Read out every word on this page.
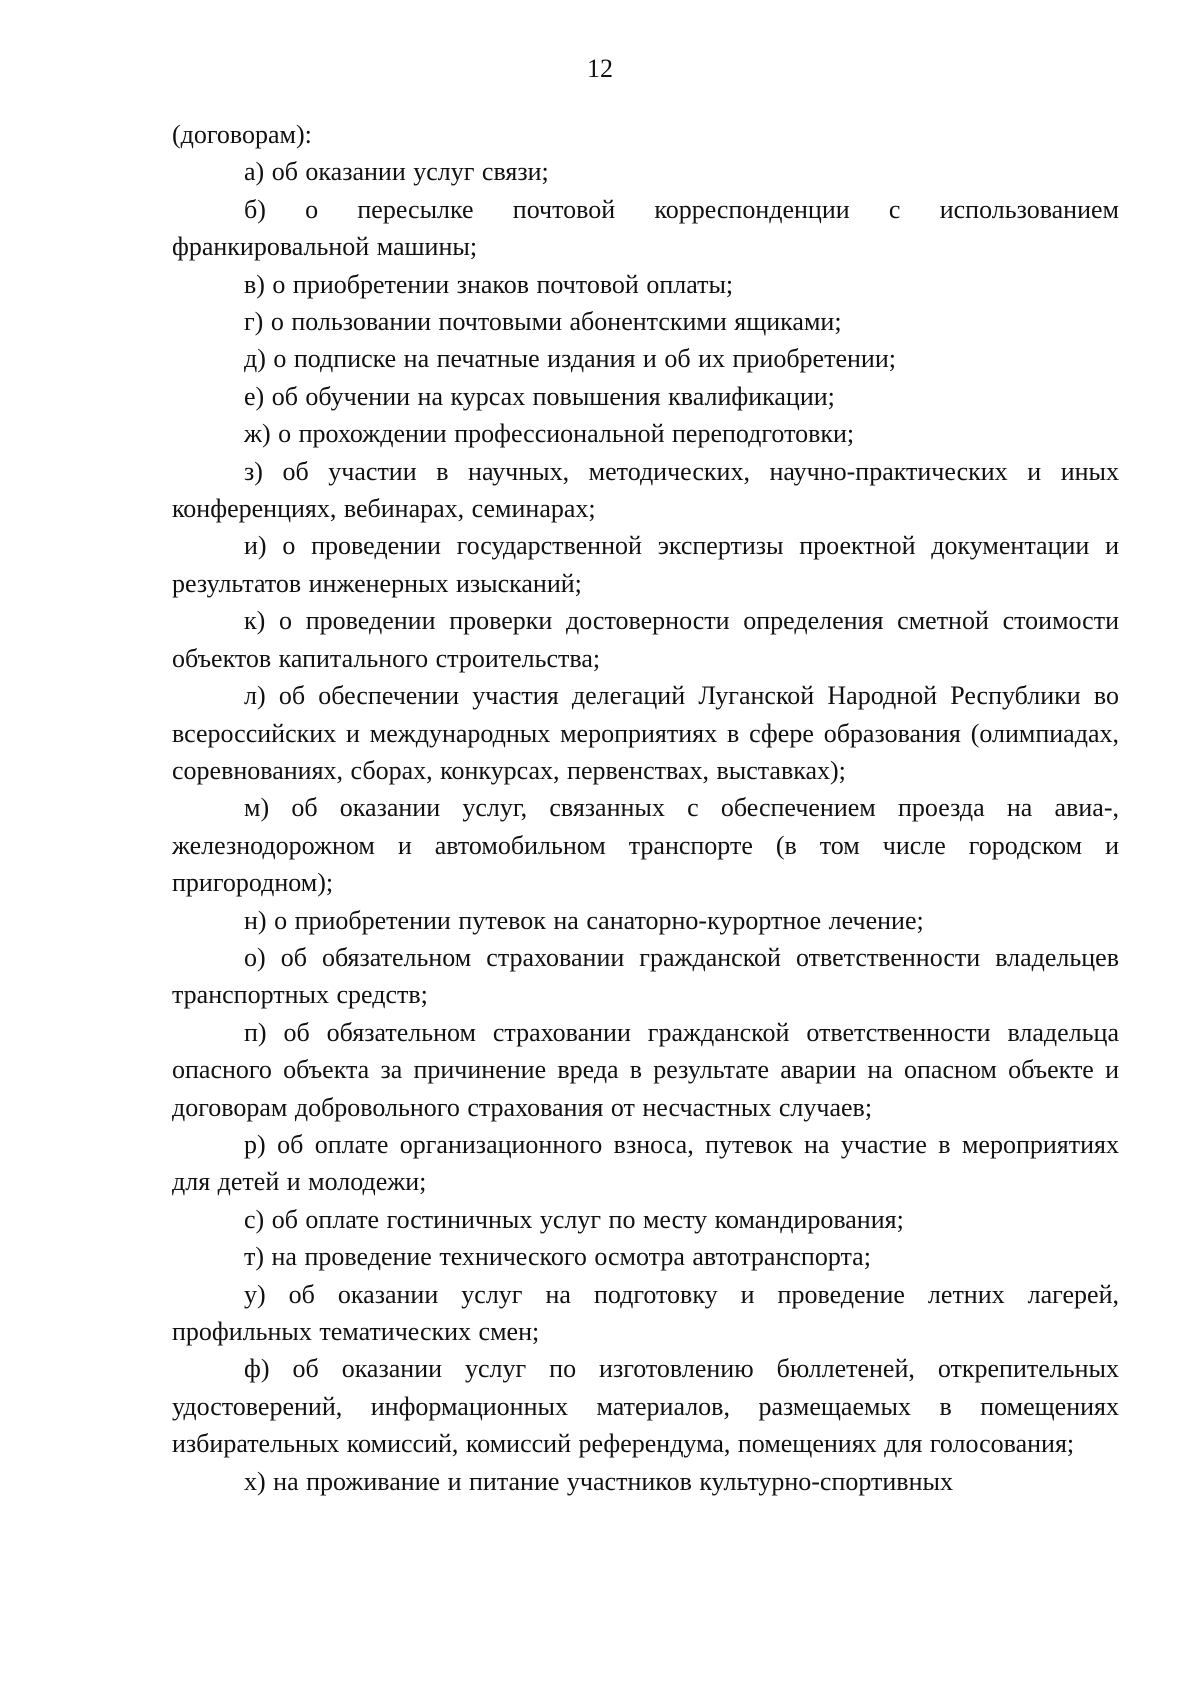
12

(договорам):

а) об оказании услуг связи;

б) о пересылке почтовой корреспонденции с использованием франкировальной машины;

в) о приобретении знаков почтовой оплаты;

г) о пользовании почтовыми абонентскими ящиками;

д) о подписке на печатные издания и об их приобретении;

е) об обучении на курсах повышения квалификации;

ж) о прохождении профессиональной переподготовки;

з) об участии в научных, методических, научно-практических и иных конференциях, вебинарах, семинарах;

и) о проведении государственной экспертизы проектной документации и результатов инженерных изысканий;

к) о проведении проверки достоверности определения сметной стоимости объектов капитального строительства;

л) об обеспечении участия делегаций Луганской Народной Республики во всероссийских и международных мероприятиях в сфере образования (олимпиадах, соревнованиях, сборах, конкурсах, первенствах, выставках);

м) об оказании услуг, связанных с обеспечением проезда на авиа-, железнодорожном и автомобильном транспорте (в том числе городском и пригородном);

н) о приобретении путевок на санаторно-курортное лечение;

о) об обязательном страховании гражданской ответственности владельцев транспортных средств;

п) об обязательном страховании гражданской ответственности владельца опасного объекта за причинение вреда в результате аварии на опасном объекте и договорам добровольного страхования от несчастных случаев;

р) об оплате организационного взноса, путевок на участие в мероприятиях для детей и молодежи;

с) об оплате гостиничных услуг по месту командирования;

т) на проведение технического осмотра автотранспорта;

у) об оказании услуг на подготовку и проведение летних лагерей, профильных тематических смен;

ф) об оказании услуг по изготовлению бюллетеней, открепительных удостоверений, информационных материалов, размещаемых в помещениях избирательных комиссий, комиссий референдума, помещениях для голосования;

х) на проживание и питание участников культурно-спортивных
